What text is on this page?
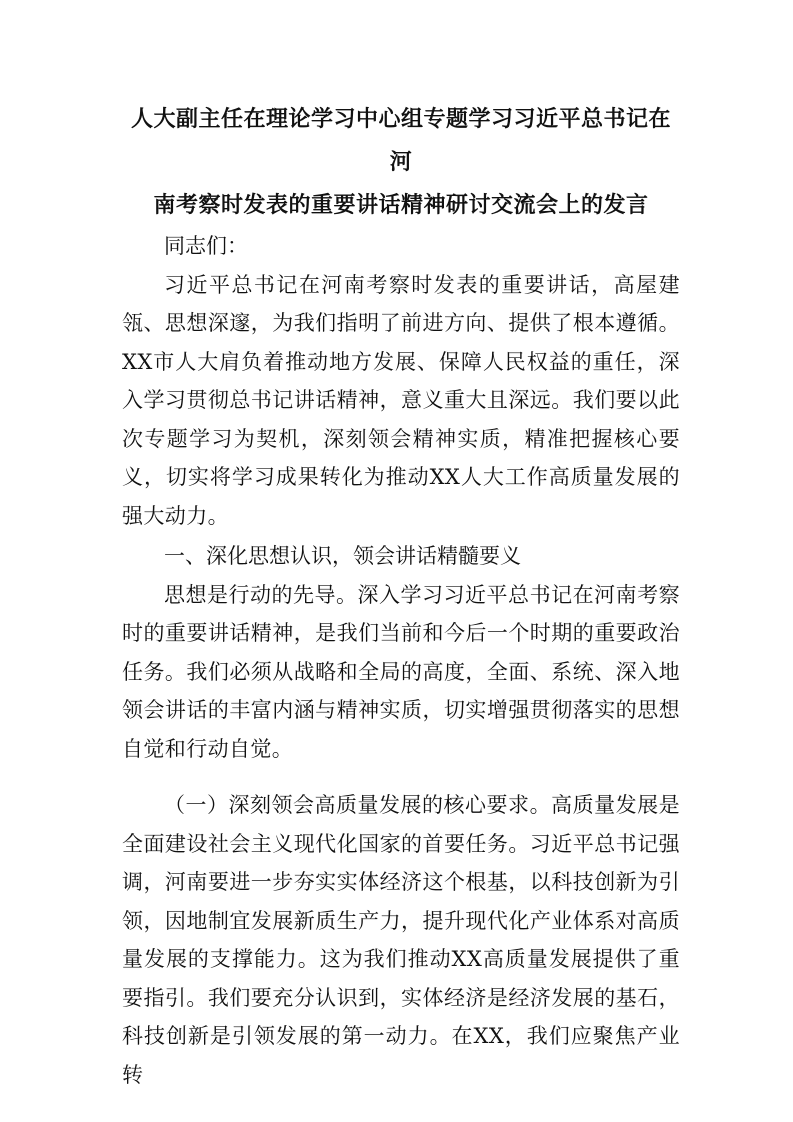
人大副主任在理论学习中心组专题学习习近平总书记在河
南考察时发表的重要讲话精神研讨交流会上的发言

同志们：

习近平总书记在河南考察时发表的重要讲话，高屋建瓴、思想深邃，为我们指明了前进方向、提供了根本遵循。XX市人大肩负着推动地方发展、保障人民权益的重任，深入学习贯彻总书记讲话精神，意义重大且深远。我们要以此次专题学习为契机，深刻领会精神实质，精准把握核心要义，切实将学习成果转化为推动XX人大工作高质量发展的强大动力。

一、深化思想认识，领会讲话精髓要义

思想是行动的先导。深入学习习近平总书记在河南考察时的重要讲话精神，是我们当前和今后一个时期的重要政治任务。我们必须从战略和全局的高度，全面、系统、深入地领会讲话的丰富内涵与精神实质，切实增强贯彻落实的思想自觉和行动自觉。

（一）深刻领会高质量发展的核心要求。高质量发展是全面建设社会主义现代化国家的首要任务。习近平总书记强调，河南要进一步夯实实体经济这个根基，以科技创新为引领，因地制宜发展新质生产力，提升现代化产业体系对高质量发展的支撑能力。这为我们推动XX高质量发展提供了重要指引。我们要充分认识到，实体经济是经济发展的基石，科技创新是引领发展的第一动力。在XX，我们应聚焦产业转
